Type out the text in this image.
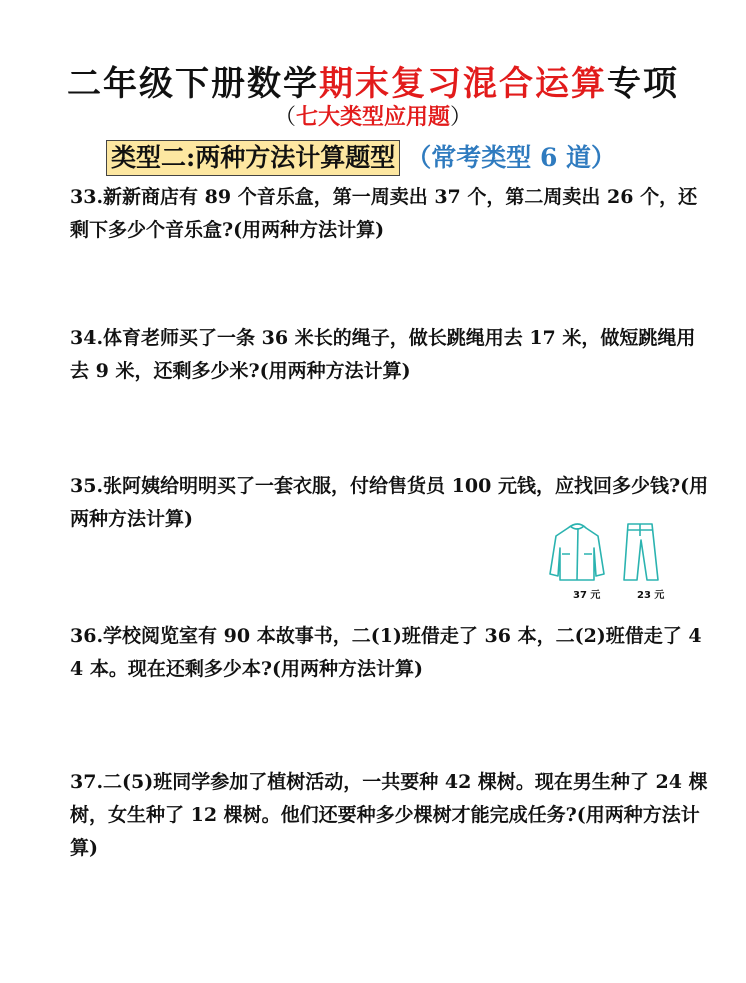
二年级下册数学期末复习混合运算专项
（七大类型应用题）
类型二:两种方法计算题型 （常考类型 6 道）
33.新新商店有 89 个音乐盒，第一周卖出 37 个，第二周卖出 26 个，还剩下多少个音乐盒?(用两种方法计算)
34.体育老师买了一条 36 米长的绳子，做长跳绳用去 17 米，做短跳绳用去 9 米，还剩多少米?(用两种方法计算)
35.张阿姨给明明买了一套衣服，付给售货员 100 元钱，应找回多少钱?(用两种方法计算)
36.学校阅览室有 90 本故事书，二(1)班借走了 36 本，二(2)班借走了 44 本。现在还剩多少本?(用两种方法计算)
37.二(5)班同学参加了植树活动，一共要种 42 棵树。现在男生种了 24 棵树，女生种了 12 棵树。他们还要种多少棵树才能完成任务?(用两种方法计算)
37 元	23 元
